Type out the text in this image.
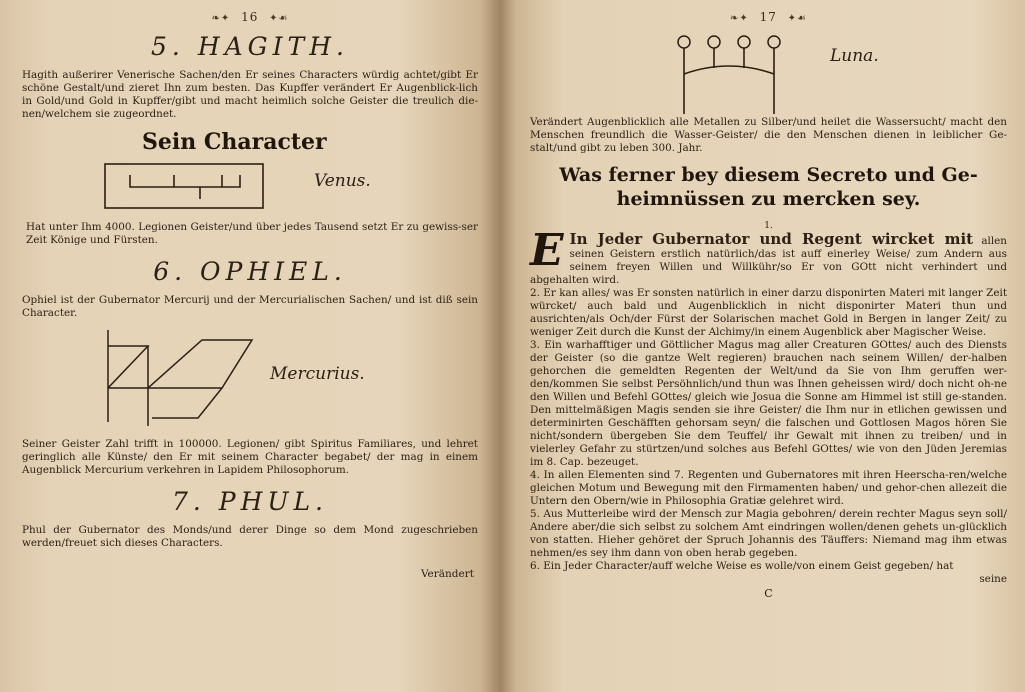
❧✦ 16 ✦☙
5. HAGITH.
Hagith außerirer Venerische Sachen/den Er seines Characters würdig achtet/gibt Er schöne Gestalt/und zieret Ihn zum besten. Das Kupffer verändert Er Augenblick-lich in Gold/und Gold in Kupffer/gibt und macht heimlich solche Geister die treulich die-nen/welchem sie zugeordnet.
Sein Character
Venus.
Hat unter Ihm 4000. Legionen Geister/und über jedes Tausend setzt Er zu gewiss-ser Zeit Könige und Fürsten.
6. OPHIEL.
Ophiel ist der Gubernator Mercurij und der Mercurialischen Sachen/ und ist diß sein Character.
Mercurius.
Seiner Geister Zahl trifft in 100000. Legionen/ gibt Spiritus Familiares, und lehret geringlich alle Künste/ den Er mit seinem Character begabet/ der mag in einem Augenblick Mercurium verkehren in Lapidem Philosophorum.
7. PHUL.
Phul der Gubernator des Monds/und derer Dinge so dem Mond zugeschrieben werden/freuet sich dieses Characters.
Verändert
❧✦ 17 ✦☙
Luna.
Verändert Augenblicklich alle Metallen zu Silber/und heilet die Wassersucht/ macht den Menschen freundlich die Wasser-Geister/ die den Menschen dienen in leiblicher Ge-stalt/und gibt zu leben 300. Jahr.
Was ferner bey diesem Secreto und Ge-
heimnüssen zu mercken sey.
1.
E In Jeder Gubernator und Regent wircket mit allen seinen Geistern erstlich natürlich/das ist auff einerley Weise/ zum Andern aus seinem freyen Willen und Willkühr/so Er von GOtt nicht verhindert und abgehalten wird.
2. Er kan alles/ was Er sonsten natürlich in einer darzu disponirten Materi mit langer Zeit würcket/ auch bald und Augenblicklich in nicht disponirter Materi thun und ausrichten/als Och/der Fürst der Solarischen machet Gold in Bergen in langer Zeit/ zu weniger Zeit durch die Kunst der Alchimy/in einem Augenblick aber Magischer Weise.
3. Ein warhafftiger und Göttlicher Magus mag aller Creaturen GOttes/ auch des Diensts der Geister (so die gantze Welt regieren) brauchen nach seinem Willen/ der-halben gehorchen die gemeldten Regenten der Welt/und da Sie von Ihm geruffen wer-den/kommen Sie selbst Persöhnlich/und thun was Ihnen geheissen wird/ doch nicht oh-ne den Willen und Befehl GOttes/ gleich wie Josua die Sonne am Himmel ist still ge-standen. Den mittelmäßigen Magis senden sie ihre Geister/ die Ihm nur in etlichen gewissen und determinirten Geschäfften gehorsam seyn/ die falschen und Gottlosen Magos hören Sie nicht/sondern übergeben Sie dem Teuffel/ ihr Gewalt mit ihnen zu treiben/ und in vielerley Gefahr zu stürtzen/und solches aus Befehl GOttes/ wie von den Jüden Jeremias im 8. Cap. bezeuget.
4. In allen Elementen sind 7. Regenten und Gubernatores mit ihren Heerscha-ren/welche gleichen Motum und Bewegung mit den Firmamenten haben/ und gehor-chen allezeit die Untern den Obern/wie in Philosophia Gratiæ gelehret wird.
5. Aus Mutterleibe wird der Mensch zur Magia gebohren/ derein rechter Magus seyn soll/ Andere aber/die sich selbst zu solchem Amt eindringen wollen/denen gehets un-glücklich von statten. Hieher gehöret der Spruch Johannis des Täuffers: Niemand mag ihm etwas nehmen/es sey ihm dann von oben herab gegeben.
6. Ein Jeder Character/auff welche Weise es wolle/von einem Geist gegeben/ hat
seine
C
